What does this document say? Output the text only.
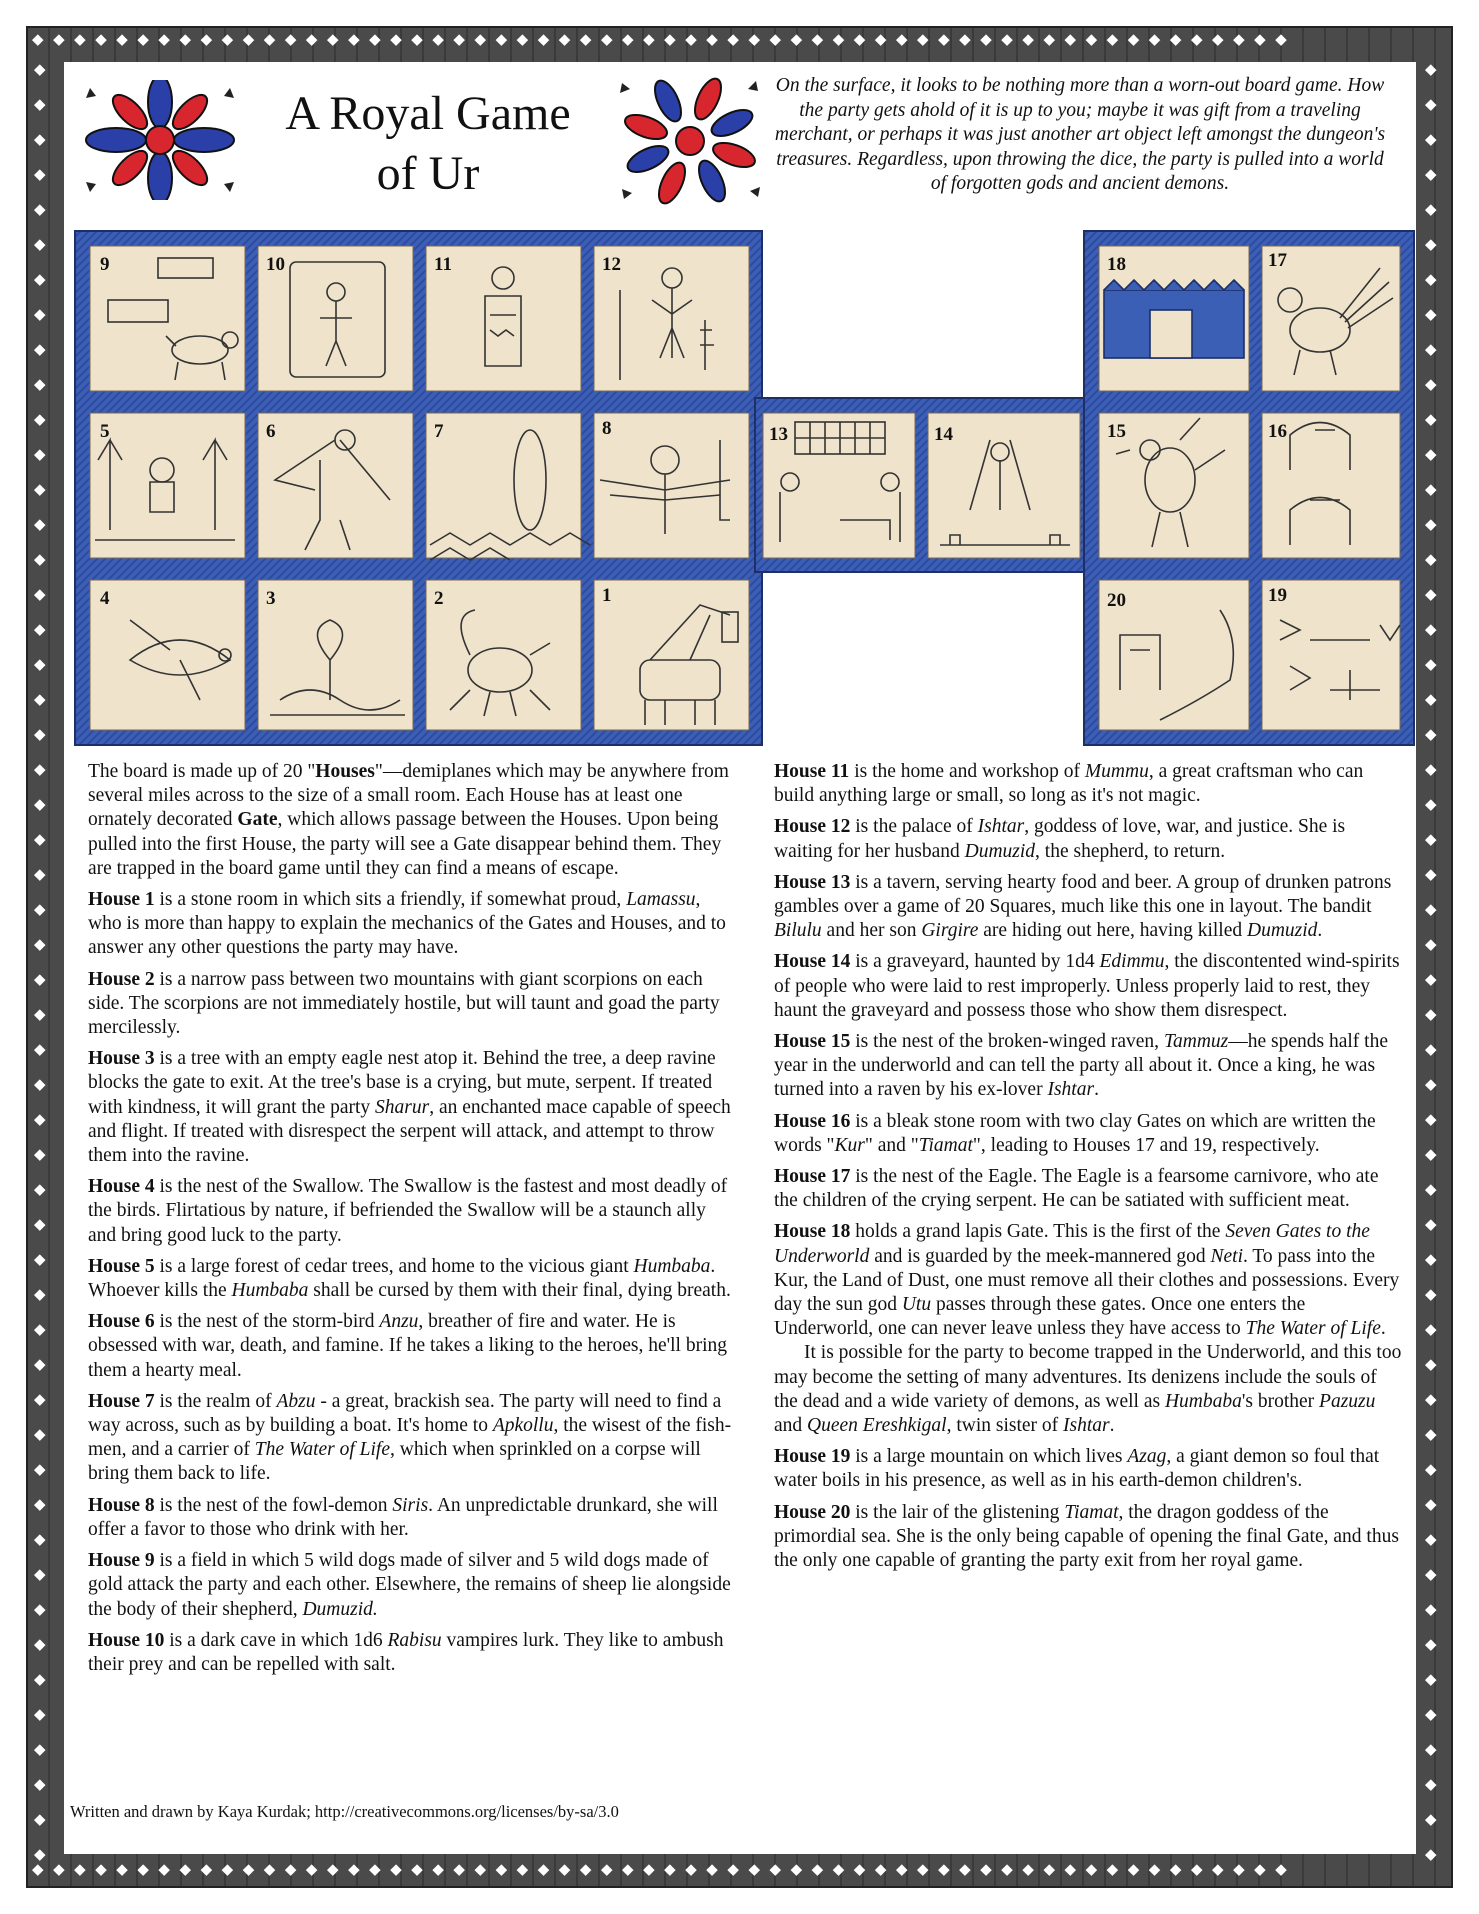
◆  ◆  ◆  ◆  ◆  ◆  ◆  ◆  ◆  ◆  ◆  ◆  ◆  ◆  ◆  ◆  ◆  ◆  ◆  ◆  ◆  ◆  ◆  ◆  ◆  ◆  ◆  ◆  ◆  ◆  ◆  ◆  ◆  ◆  ◆  ◆  ◆  ◆  ◆  ◆  ◆  ◆  ◆  ◆  ◆  ◆  ◆  ◆  ◆  ◆  ◆  ◆  ◆  ◆  ◆  ◆  ◆  ◆  ◆  ◆
◆  ◆  ◆  ◆  ◆  ◆  ◆  ◆  ◆  ◆  ◆  ◆  ◆  ◆  ◆  ◆  ◆  ◆  ◆  ◆  ◆  ◆  ◆  ◆  ◆  ◆  ◆  ◆  ◆  ◆  ◆  ◆  ◆  ◆  ◆  ◆  ◆  ◆  ◆  ◆  ◆  ◆  ◆  ◆  ◆  ◆  ◆  ◆  ◆  ◆  ◆  ◆  ◆  ◆  ◆  ◆  ◆  ◆  ◆  ◆
◆ ◆ ◆ ◆ ◆ ◆ ◆ ◆ ◆ ◆ ◆ ◆ ◆ ◆ ◆ ◆ ◆ ◆ ◆ ◆ ◆ ◆ ◆ ◆ ◆ ◆ ◆ ◆ ◆ ◆ ◆ ◆ ◆ ◆ ◆ ◆ ◆ ◆ ◆ ◆ ◆ ◆ ◆ ◆ ◆ ◆ ◆ ◆ ◆ ◆ ◆ ◆
◆ ◆ ◆ ◆ ◆ ◆ ◆ ◆ ◆ ◆ ◆ ◆ ◆ ◆ ◆ ◆ ◆ ◆ ◆ ◆ ◆ ◆ ◆ ◆ ◆ ◆ ◆ ◆ ◆ ◆ ◆ ◆ ◆ ◆ ◆ ◆ ◆ ◆ ◆ ◆ ◆ ◆ ◆ ◆ ◆ ◆ ◆ ◆ ◆ ◆ ◆ ◆
A Royal Game
of Ur
On the surface, it looks to be nothing more than a worn-out board game. How the party gets ahold of it is up to you; maybe it was gift from a traveling merchant, or perhaps it was just another art object left amongst the dungeon's treasures. Regardless, upon throwing the dice, the party is pulled into a world of forgotten gods and ancient demons.
9	10	11	12	18	17
5	6	7	8	13	14	15	16
4	3	2	1	20	19

The board is made up of 20 "Houses"—demiplanes which may be anywhere from several miles across to the size of a small room. Each House has at least one ornately decorated Gate, which allows passage between the Houses. Upon being pulled into the first House, the party will see a Gate disappear behind them. They are trapped in the board game until they can find a means of escape.

House 1 is a stone room in which sits a friendly, if somewhat proud, Lamassu, who is more than happy to explain the mechanics of the Gates and Houses, and to answer any other questions the party may have.

House 2 is a narrow pass between two mountains with giant scorpions on each side. The scorpions are not immediately hostile, but will taunt and goad the party mercilessly.

House 3 is a tree with an empty eagle nest atop it. Behind the tree, a deep ravine blocks the gate to exit. At the tree's base is a crying, but mute, serpent. If treated with kindness, it will grant the party Sharur, an enchanted mace capable of speech and flight. If treated with disrespect the serpent will attack, and attempt to throw them into the ravine.

House 4 is the nest of the Swallow. The Swallow is the fastest and most deadly of the birds. Flirtatious by nature, if befriended the Swallow will be a staunch ally and bring good luck to the party.

House 5 is a large forest of cedar trees, and home to the vicious giant Humbaba. Whoever kills the Humbaba shall be cursed by them with their final, dying breath.

House 6 is the nest of the storm-bird Anzu, breather of fire and water. He is obsessed with war, death, and famine. If he takes a liking to the heroes, he'll bring them a hearty meal.

House 7 is the realm of Abzu - a great, brackish sea. The party will need to find a way across, such as by building a boat. It's home to Apkollu, the wisest of the fish-men, and a carrier of The Water of Life, which when sprinkled on a corpse will bring them back to life.

House 8 is the nest of the fowl-demon Siris. An unpredictable drunkard, she will offer a favor to those who drink with her.

House 9 is a field in which 5 wild dogs made of silver and 5 wild dogs made of gold attack the party and each other. Elsewhere, the remains of sheep lie alongside the body of their shepherd, Dumuzid.

House 10 is a dark cave in which 1d6 Rabisu vampires lurk. They like to ambush their prey and can be repelled with salt.

House 11 is the home and workshop of Mummu, a great craftsman who can build anything large or small, so long as it's not magic.

House 12 is the palace of Ishtar, goddess of love, war, and justice. She is waiting for her husband Dumuzid, the shepherd, to return.

House 13 is a tavern, serving hearty food and beer. A group of drunken patrons gambles over a game of 20 Squares, much like this one in layout. The bandit Bilulu and her son Girgire are hiding out here, having killed Dumuzid.

House 14 is a graveyard, haunted by 1d4 Edimmu, the discontented wind-spirits of people who were laid to rest improperly. Unless properly laid to rest, they haunt the graveyard and possess those who show them disrespect.

House 15 is the nest of the broken-winged raven, Tammuz—he spends half the year in the underworld and can tell the party all about it. Once a king, he was turned into a raven by his ex-lover Ishtar.

House 16 is a bleak stone room with two clay Gates on which are written the words "Kur" and "Tiamat", leading to Houses 17 and 19, respectively.

House 17 is the nest of the Eagle. The Eagle is a fearsome carnivore, who ate the children of the crying serpent. He can be satiated with sufficient meat.

House 18 holds a grand lapis Gate. This is the first of the Seven Gates to the Underworld and is guarded by the meek-mannered god Neti. To pass into the Kur, the Land of Dust, one must remove all their clothes and possessions. Every day the sun god Utu passes through these gates. Once one enters the Underworld, one can never leave unless they have access to The Water of Life.

It is possible for the party to become trapped in the Underworld, and this too may become the setting of many adventures. Its denizens include the souls of the dead and a wide variety of demons, as well as Humbaba's brother Pazuzu and Queen Ereshkigal, twin sister of Ishtar.

House 19 is a large mountain on which lives Azag, a giant demon so foul that water boils in his presence, as well as in his earth-demon children's.

House 20 is the lair of the glistening Tiamat, the dragon goddess of the primordial sea. She is the only being capable of opening the final Gate, and thus the only one capable of granting the party exit from her royal game.

Written and drawn by Kaya Kurdak; http://creativecommons.org/licenses/by-sa/3.0
